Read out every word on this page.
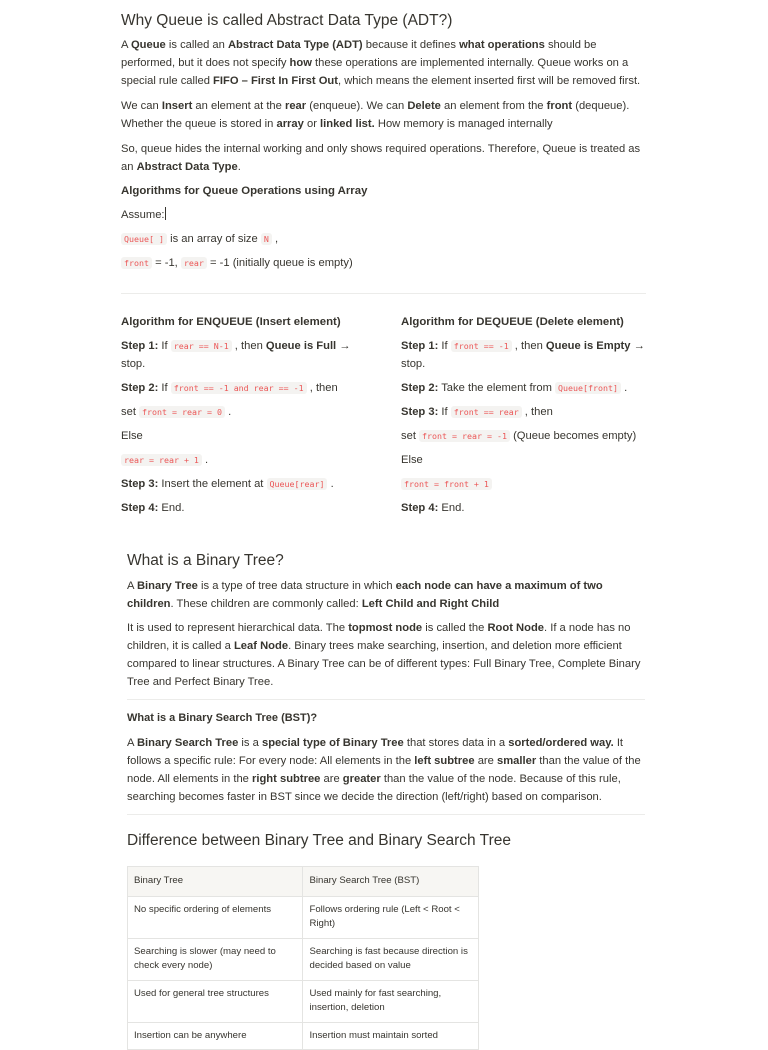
Why Queue is called Abstract Data Type (ADT?)

A Queue is called an Abstract Data Type (ADT) because it defines what operations should be performed, but it does not specify how these operations are implemented internally. Queue works on a special rule called FIFO – First In First Out, which means the element inserted first will be removed first.

We can Insert an element at the rear (enqueue). We can Delete an element from the front (dequeue). Whether the queue is stored in array or linked list. How memory is managed internally

So, queue hides the internal working and only shows required operations. Therefore, Queue is treated as an Abstract Data Type.

Algorithms for Queue Operations using Array

Assume:

Queue[ ] is an array of size N ,

front = -1, rear = -1 (initially queue is empty)

Algorithm for ENQUEUE (Insert element)

Step 1: If rear == N-1 , then Queue is Full → stop.

Step 2: If front == -1 and rear == -1 , then

set front = rear = 0 .

Else

rear = rear + 1 .

Step 3: Insert the element at Queue[rear] .

Step 4: End.

Algorithm for DEQUEUE (Delete element)

Step 1: If front == -1 , then Queue is Empty → stop.

Step 2: Take the element from Queue[front] .

Step 3: If front == rear , then

set front = rear = -1 (Queue becomes empty)

Else

front = front + 1

Step 4: End.

What is a Binary Tree?

A Binary Tree is a type of tree data structure in which each node can have a maximum of two children. These children are commonly called: Left Child and Right Child

It is used to represent hierarchical data. The topmost node is called the Root Node. If a node has no children, it is called a Leaf Node. Binary trees make searching, insertion, and deletion more efficient compared to linear structures. A Binary Tree can be of different types: Full Binary Tree, Complete Binary Tree and Perfect Binary Tree.

What is a Binary Search Tree (BST)?

A Binary Search Tree is a special type of Binary Tree that stores data in a sorted/ordered way. It follows a specific rule: For every node: All elements in the left subtree are smaller than the value of the node. All elements in the right subtree are greater than the value of the node. Because of this rule, searching becomes faster in BST since we decide the direction (left/right) based on comparison.

Difference between Binary Tree and Binary Search Tree
Binary Tree	Binary Search Tree (BST)
No specific ordering of elements	Follows ordering rule (Left < Root < Right)
Searching is slower (may need to check every node)	Searching is fast because direction is decided based on value
Used for general tree structures	Used mainly for fast searching, insertion, deletion
Insertion can be anywhere	Insertion must maintain sorted
